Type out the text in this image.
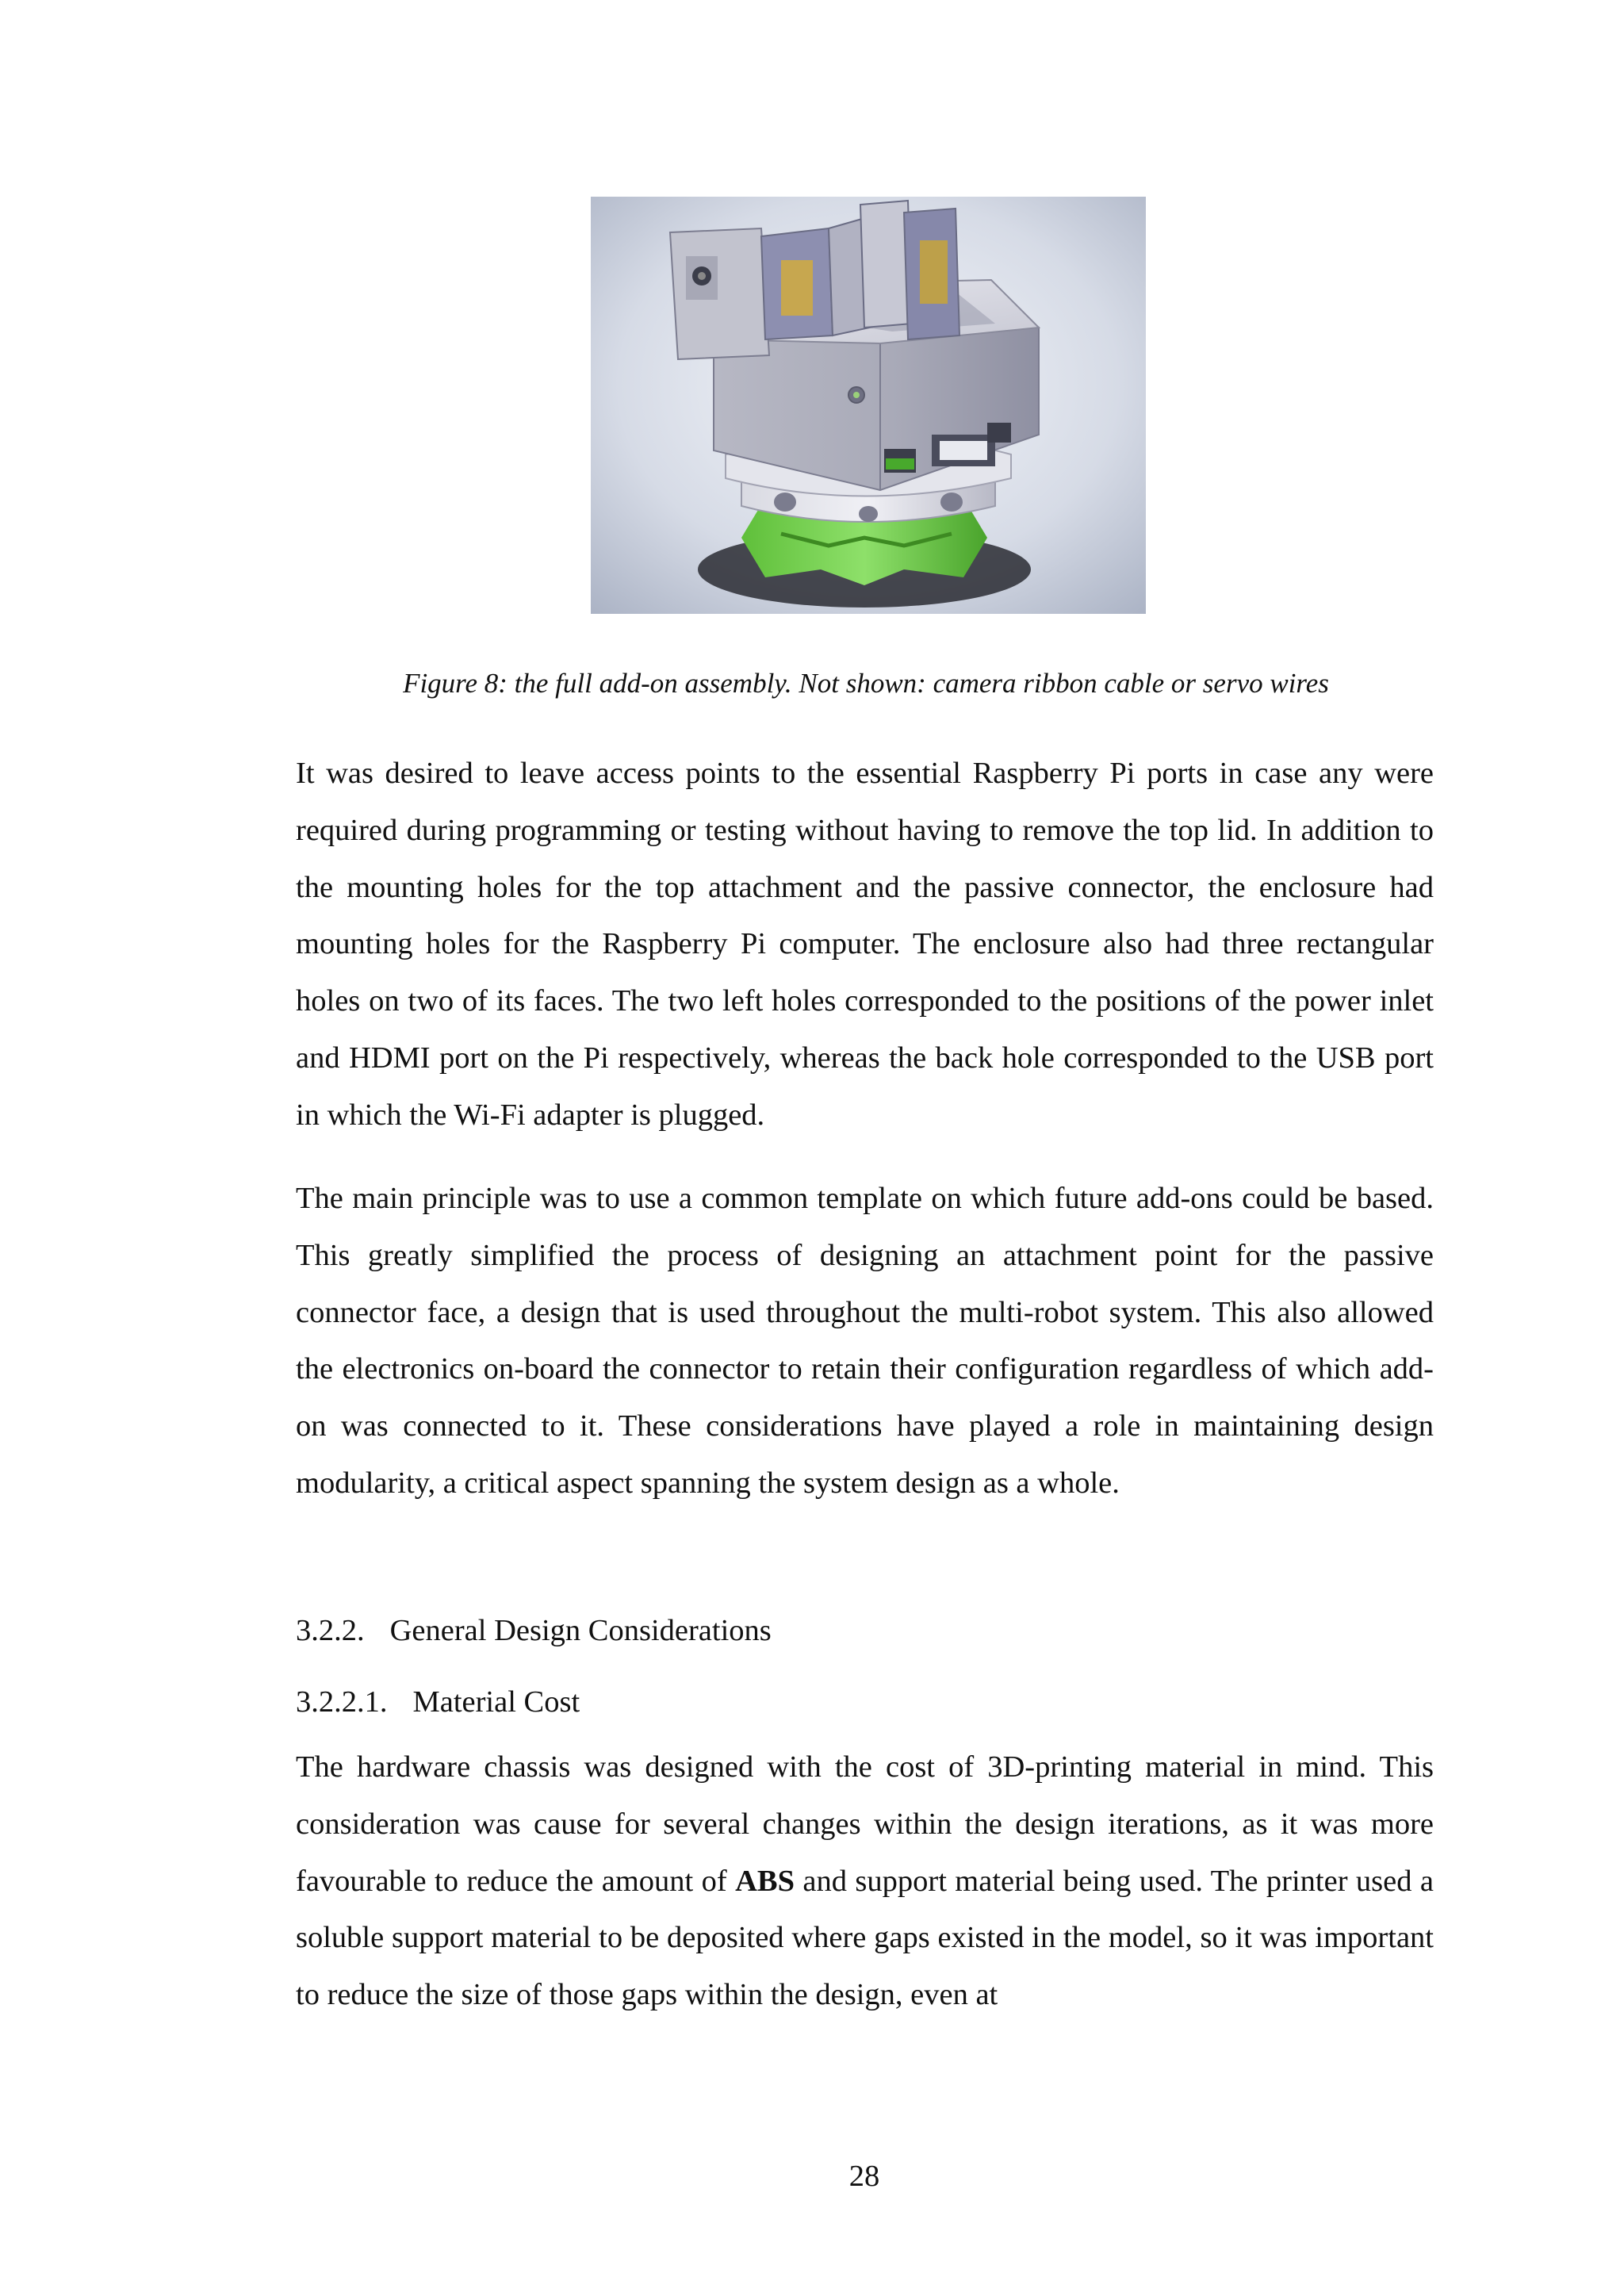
Figure 8: the full add-on assembly. Not shown: camera ribbon cable or servo wires

It was desired to leave access points to the essential Raspberry Pi ports in case any were required during programming or testing without having to remove the top lid. In addition to the mounting holes for the top attachment and the passive connector, the enclosure had mounting holes for the Raspberry Pi computer. The enclosure also had three rectangular holes on two of its faces. The two left holes corresponded to the positions of the power inlet and HDMI port on the Pi respectively, whereas the back hole corresponded to the USB port in which the Wi-Fi adapter is plugged.

The main principle was to use a common template on which future add-ons could be based. This greatly simplified the process of designing an attachment point for the passive connector face, a design that is used throughout the multi-robot system. This also allowed the electronics on-board the connector to retain their configuration regardless of which add-on was connected to it. These considerations have played a role in maintaining design modularity, a critical aspect spanning the system design as a whole.

3.2.2. General Design Considerations
3.2.2.1. Material Cost

The hardware chassis was designed with the cost of 3D-printing material in mind. This consideration was cause for several changes within the design iterations, as it was more favourable to reduce the amount of ABS and support material being used. The printer used a soluble support material to be deposited where gaps existed in the model, so it was important to reduce the size of those gaps within the design, even at

28
